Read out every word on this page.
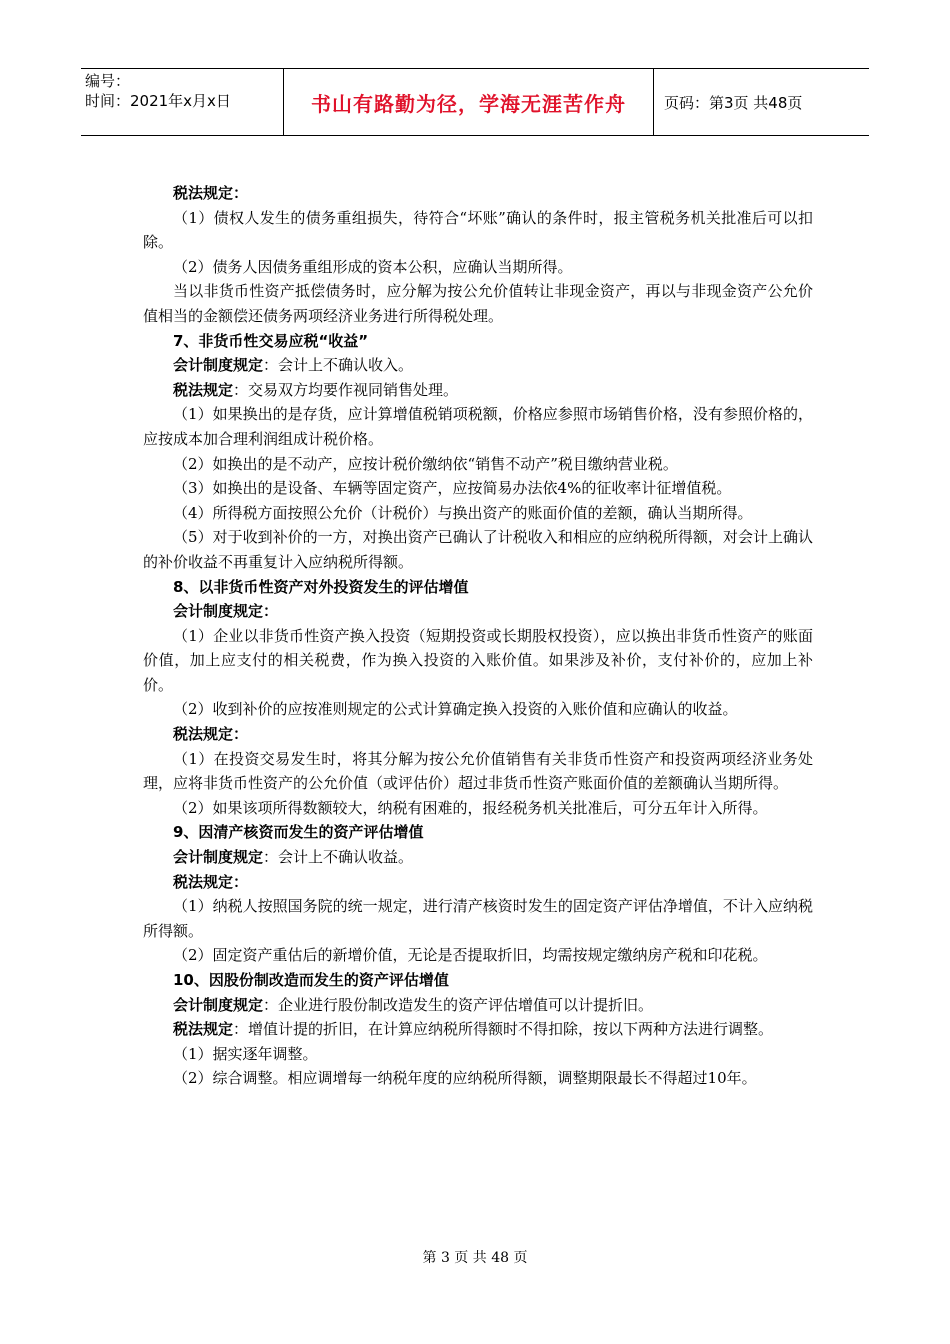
编号：
时间：2021年x月x日	书山有路勤为径，学海无涯苦作舟	页码：第3页 共48页

税法规定：

（1）债权人发生的债务重组损失，待符合“坏账”确认的条件时，报主管税务机关批准后可以扣除。

（2）债务人因债务重组形成的资本公积，应确认当期所得。

当以非货币性资产抵偿债务时，应分解为按公允价值转让非现金资产，再以与非现金资产公允价值相当的金额偿还债务两项经济业务进行所得税处理。

7、非货币性交易应税“收益”

会计制度规定：会计上不确认收入。

税法规定：交易双方均要作视同销售处理。

（1）如果换出的是存货，应计算增值税销项税额，价格应参照市场销售价格，没有参照价格的，应按成本加合理利润组成计税价格。

（2）如换出的是不动产，应按计税价缴纳依“销售不动产”税目缴纳营业税。

（3）如换出的是设备、车辆等固定资产，应按简易办法依4%的征收率计征增值税。

（4）所得税方面按照公允价（计税价）与换出资产的账面价值的差额，确认当期所得。

（5）对于收到补价的一方，对换出资产已确认了计税收入和相应的应纳税所得额，对会计上确认的补价收益不再重复计入应纳税所得额。

8、以非货币性资产对外投资发生的评估增值

会计制度规定：

（1）企业以非货币性资产换入投资（短期投资或长期股权投资），应以换出非货币性资产的账面价值，加上应支付的相关税费，作为换入投资的入账价值。如果涉及补价，支付补价的，应加上补价。

（2）收到补价的应按准则规定的公式计算确定换入投资的入账价值和应确认的收益。

税法规定：

（1）在投资交易发生时，将其分解为按公允价值销售有关非货币性资产和投资两项经济业务处理，应将非货币性资产的公允价值（或评估价）超过非货币性资产账面价值的差额确认当期所得。

（2）如果该项所得数额较大，纳税有困难的，报经税务机关批准后，可分五年计入所得。

9、因清产核资而发生的资产评估增值

会计制度规定：会计上不确认收益。

税法规定：

（1）纳税人按照国务院的统一规定，进行清产核资时发生的固定资产评估净增值，不计入应纳税所得额。

（2）固定资产重估后的新增价值，无论是否提取折旧，均需按规定缴纳房产税和印花税。

10、因股份制改造而发生的资产评估增值

会计制度规定：企业进行股份制改造发生的资产评估增值可以计提折旧。

税法规定：增值计提的折旧，在计算应纳税所得额时不得扣除，按以下两种方法进行调整。

（1）据实逐年调整。

（2）综合调整。相应调增每一纳税年度的应纳税所得额，调整期限最长不得超过10年。

第 3 页 共 48 页
